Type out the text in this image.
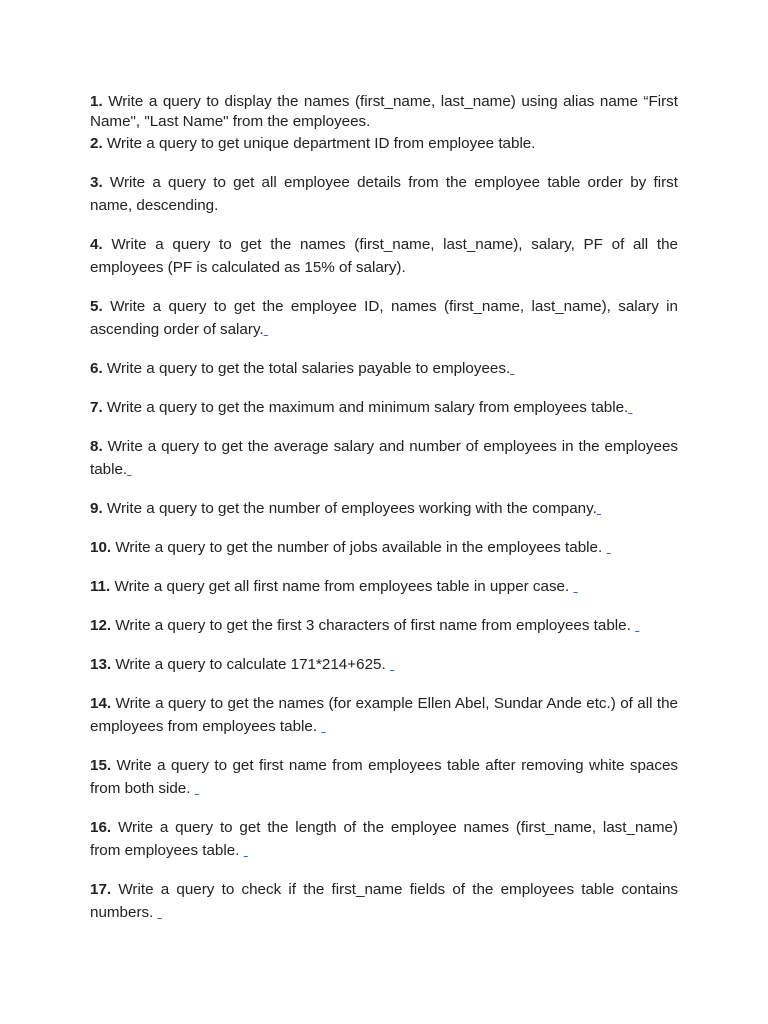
1. Write a query to display the names (first_name, last_name) using alias name “First Name", "Last Name" from the employees.

2. Write a query to get unique department ID from employee table.

3. Write a query to get all employee details from the employee table order by first name, descending.

4. Write a query to get the names (first_name, last_name), salary, PF of all the employees (PF is calculated as 15% of salary).

5. Write a query to get the employee ID, names (first_name, last_name), salary in ascending order of salary.

6. Write a query to get the total salaries payable to employees.

7. Write a query to get the maximum and minimum salary from employees table.

8. Write a query to get the average salary and number of employees in the employees table.

9. Write a query to get the number of employees working with the company.

10. Write a query to get the number of jobs available in the employees table.

11. Write a query get all first name from employees table in upper case.

12. Write a query to get the first 3 characters of first name from employees table.

13. Write a query to calculate 171*214+625.

14. Write a query to get the names (for example Ellen Abel, Sundar Ande etc.) of all the employees from employees table.

15. Write a query to get first name from employees table after removing white spaces from both side.

16. Write a query to get the length of the employee names (first_name, last_name) from employees table.

17. Write a query to check if the first_name fields of the employees table contains numbers.
